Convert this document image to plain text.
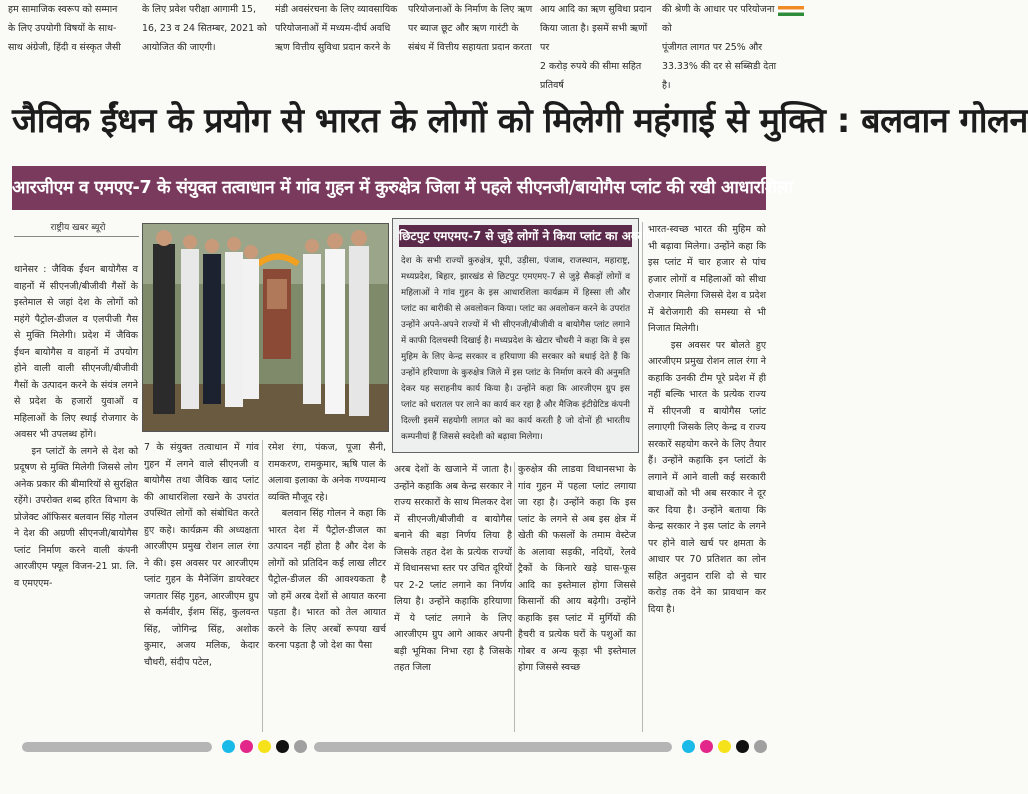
हम सामाजिक स्वरूप को सम्मान
के लिए उपयोगी विषयों के साथ-
साथ अंग्रेजी, हिंदी व संस्कृत जैसी
के लिए प्रवेश परीक्षा आगामी 15,
16, 23 व 24 सितम्बर, 2021 को
आयोजित की जाएगी।
मंडी अवसंरचना के लिए व्यावसायिक
परियोजनाओं में मध्यम-दीर्घ अवधि
ऋण वित्तीय सुविधा प्रदान करने के
परियोजनाओं के निर्माण के लिए ऋण
पर ब्याज छूट और ऋण गारंटी के
संबंध में वित्तीय सहायता प्रदान करता
आय आदि का ऋण सुविधा प्रदान
किया जाता है। इसमें सभी ऋणों पर
2 करोड़ रुपये की सीमा सहित प्रतिवर्ष
की श्रेणी के आधार पर परियोजना को
पूंजीगत लागत पर 25% और
33.33% की दर से सब्सिडी देता है।
जैविक ईंधन के प्रयोग से भारत के लोगों को मिलेगी महंगाई से मुक्ति : बलवान गोलन
आरजीएम व एमएए-7 के संयुक्त तत्वाधान में गांव गुहन में कुरुक्षेत्र जिला में पहले सीएनजी/बायोगैस प्लांट की रखी आधारशिला
राष्ट्रीय खबर ब्यूरो
छिटपुट एमएमए-7 से जुड़े लोगों ने किया प्लांट का अवलोकन
देश के सभी राज्यों कुरुक्षेत्र, यूपी, उड़ीसा, पंजाब, राजस्थान, महाराष्ट्र, मध्यप्रदेश, बिहार, झारखंड से छिटपुट एमएमए-7 से जुड़े सैकड़ों लोगों व महिलाओं ने गांव गुहन के इस आधारशिला कार्यक्रम में हिस्सा ली और प्लांट का बारीकी से अवलोकन किया। प्लांट का अवलोकन करने के उपरांत उन्होंने अपने-अपने राज्यों में भी सीएनजी/बीजीवी व बायोगैस प्लांट लगाने में काफी दिलचस्पी दिखाई है। मध्यप्रदेश के खेटार चौधरी ने कहा कि वे इस मुहिम के लिए केन्द्र सरकार व हरियाणा की सरकार को बधाई देते हैं कि उन्होंने हरियाणा के कुरुक्षेत्र जिले में इस प्लांट के निर्माण करने की अनुमति देकर यह सराहनीय कार्य किया है। उन्होंने कहा कि आरजीएम ग्रुप इस प्लांट को धरातल पर लाने का कार्य कर रहा है और मैजिक इंटीग्रेटिड कंपनी दिल्ली इसमें सहयोगी लागत को का कार्य करती है जो दोनों ही भारतीय कम्पनीयां हैं जिससे स्वदेशी को बढ़ावा मिलेगा।
थानेसर : जैविक ईंधन बायोगैस व वाहनों में सीएनजी/बीजीवी गैसों के इस्तेमाल से जहां देश के लोगों को महंगे पैट्रोल-डीजल व एलपीजी गैस से मुक्ति मिलेगी। प्रदेश में जैविक ईंधन बायोगैस व वाहनों में उपयोग होने वाली वाली सीएनजी/बीजीवी गैसों के उत्पादन करने के संयंत्र लगने से प्रदेश के हजारों युवाओं व महिलाओं के लिए स्थाई रोजगार के अवसर भी उपलब्ध होंगे।
इन प्लांटों के लगने से देश को प्रदूषण से मुक्ति मिलेगी जिससे लोग अनेक प्रकार की बीमारियों से सुरक्षित रहेंगे। उपरोक्त शब्द हरित विभाग के प्रोजेक्ट ऑफिसर बलवान सिंह गोलन ने देश की अग्रणी सीएनजी/बायोगैस प्लांट निर्माण करने वाली कंपनी आरजीएम फ्यूल विजन-21 प्रा. लि. व एमएएम-
7 के संयुक्त तत्वाधान में गांव गुहन में लगने वाले सीएनजी व बायोगैस तथा जैविक खाद प्लांट की आधारशिला रखने के उपरांत उपस्थित लोगों को संबोधित करते हुए कहे। कार्यक्रम की अध्यक्षता आरजीएम प्रमुख रोशन लाल रंगा ने की। इस अवसर पर आरजीएम प्लांट गुहन के मैनेजिंग डायरेक्टर जगतार सिंह गुहन, आरजीएम ग्रुप से कर्मवीर, ईशम सिंह, कुलवन्त सिंह, जोगिन्द्र सिंह, अशोक कुमार, अजय मलिक, केदार चौधरी, संदीप पटेल,
रमेश रंगा, पंकज, पूजा सैनी, रामकरण, रामकुमार, ऋषि पाल के अलावा इलाका के अनेक गण्यमान्य व्यक्ति मौजूद रहे।
बलवान सिंह गोलन ने कहा कि भारत देश में पैट्रोल-डीजल का उत्पादन नहीं होता है और देश के लोगों को प्रतिदिन कई लाख लीटर पैट्रोल-डीजल की आवश्यकता है जो हमें अरब देशों से आयात करना पड़ता है। भारत को तेल आयात करने के लिए अरबों रूपया खर्च करना पड़ता है जो देश का पैसा
अरब देशों के खजाने में जाता है। उन्होंने कहाकि अब केन्द्र सरकार ने राज्य सरकारों के साथ मिलकर देश में सीएनजी/बीजीवी व बायोगैस बनाने की बड़ा निर्णय लिया है जिसके तहत देश के प्रत्येक राज्यों में विधानसभा स्तर पर उचित दूरियों पर 2-2 प्लांट लगाने का निर्णय लिया है। उन्होंने कहाकि हरियाणा में ये प्लांट लगाने के लिए आरजीएम ग्रुप आगे आकर अपनी बड़ी भूमिका निभा रहा है जिसके तहत जिला
कुरुक्षेत्र की लाडवा विधानसभा के गांव गुहन में पहला प्लांट लगाया जा रहा है। उन्होंने कहा कि इस प्लांट के लगने से अब इस क्षेत्र में खेती की फसलों के तमाम वेस्टेज के अलावा सड़की, नदियों, रेलवे ट्रैकों के किनारे खड़े घास-फूस आदि का इस्तेमाल होगा जिससे किसानों की आय बढ़ेगी। उन्होंने कहाकि इस प्लांट में मुर्गियों की हैचरी व प्रत्येक घरों के पशुओं का गोबर व अन्य कूड़ा भी इस्तेमाल होगा जिससे स्वच्छ
भारत-स्वच्छ भारत की मुहिम को भी बढ़ावा मिलेगा। उन्होंने कहा कि इस प्लांट में चार हजार से पांच हजार लोगों व महिलाओं को सीधा रोजगार मिलेगा जिससे देश व प्रदेश में बेरोजगारी की समस्या से भी निजात मिलेगी।
इस अवसर पर बोलते हुए आरजीएम प्रमुख रोशन लाल रंगा ने कहाकि उनकी टीम पूरे प्रदेश में ही नहीं बल्कि भारत के प्रत्येक राज्य में सीएनजी व बायोगैस प्लांट लगाएगी जिसके लिए केन्द्र व राज्य सरकारें सहयोग करने के लिए तैयार हैं। उन्होंने कहाकि इन प्लांटों के लगाने में आने वाली कई सरकारी बाधाओं को भी अब सरकार ने दूर कर दिया है। उन्होंने बताया कि केन्द्र सरकार ने इस प्लांट के लगने पर होने वाले खर्च पर क्षमता के आधार पर 70 प्रतिशत का लोन सहित अनुदान राशि दो से चार करोड़ तक देने का प्रावधान कर दिया है।
